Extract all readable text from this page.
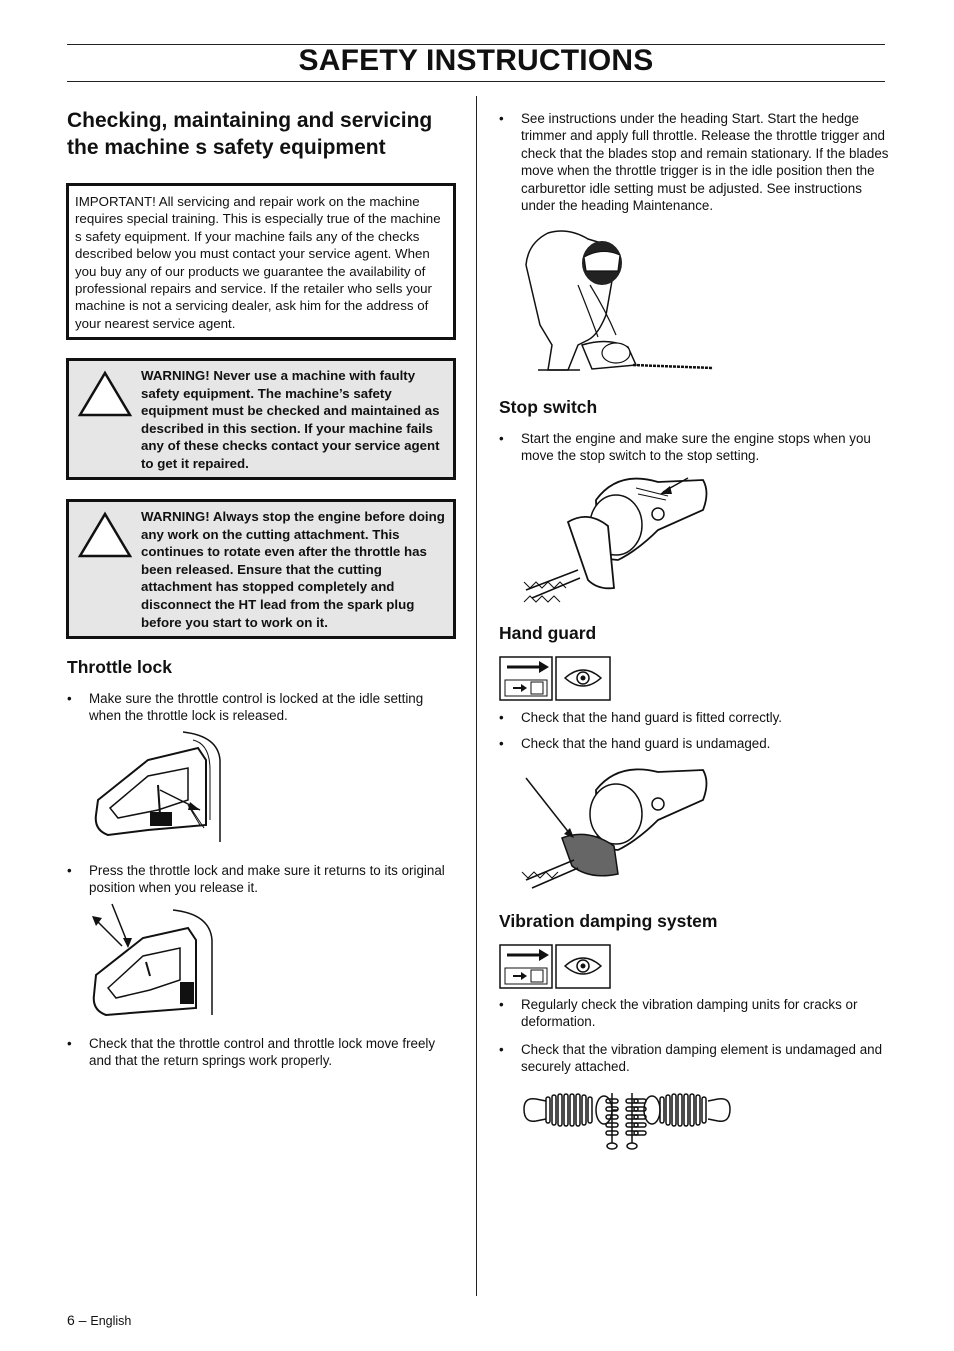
SAFETY INSTRUCTIONS
Checking, maintaining and servicing the machine s safety equipment
IMPORTANT! All servicing and repair work on the machine requires special training. This is especially true of the machine s safety equipment. If your machine fails any of the checks described below you must contact your service agent. When you buy any of our products we guarantee the availability of professional repairs and service. If the retailer who sells your machine is not a servicing dealer, ask him for the address of your nearest service agent.
WARNING! Never use a machine with faulty safety equipment. The machine’s safety equipment must be checked and maintained as described in this section. If your machine fails any of these checks contact your service agent to get it repaired.
WARNING! Always stop the engine before doing any work on the cutting attachment. This continues to rotate even after the throttle has been released. Ensure that the cutting attachment has stopped completely and disconnect the HT lead from the spark plug before you start to work on it.
Throttle lock
• Make sure the throttle control is locked at the idle setting when the throttle lock is released.
• Press the throttle lock and make sure it returns to its original position when you release it.
• Check that the throttle control and throttle lock move freely and that the return springs work properly.
• See instructions under the heading Start. Start the hedge trimmer and apply full throttle. Release the throttle trigger and check that the blades stop and remain stationary. If the blades move when the throttle trigger is in the idle position then the carburettor idle setting must be adjusted. See instructions under the heading Maintenance.
Stop switch
• Start the engine and make sure the engine stops when you move the stop switch to the stop setting.
Hand guard
• Check that the hand guard is fitted correctly.
• Check that the hand guard is undamaged.
Vibration damping system
• Regularly check the vibration damping units for cracks or deformation.
• Check that the vibration damping element is undamaged and securely attached.
6 – English
